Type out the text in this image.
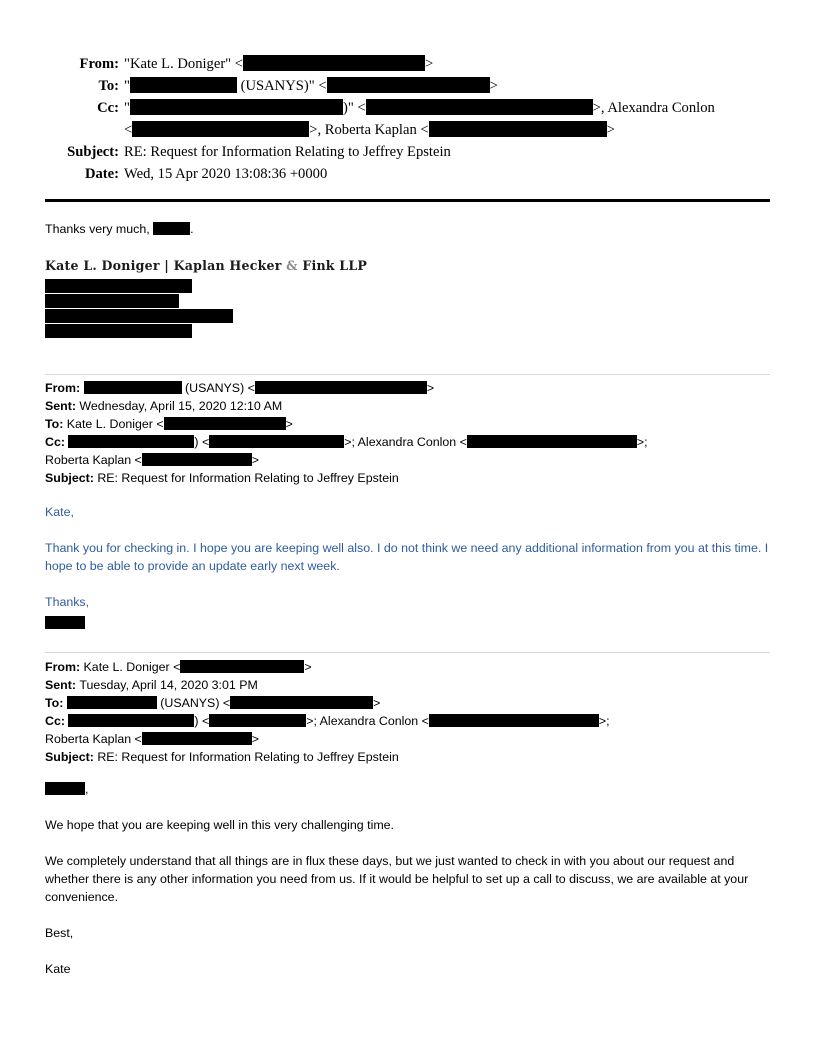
From: "Kate L. Doniger" <	>
To: "	(USANYS)" <	>
Cc: "	)" <	>, Alexandra Conlon
<	>, Roberta Kaplan <	>
Subject: RE: Request for Information Relating to Jeffrey Epstein
Date: Wed, 15 Apr 2020 13:08:36 +0000
Thanks very much,	.
Kate L. Doniger | Kaplan Hecker & Fink LLP
From:	(USANYS) <	>
Sent: Wednesday, April 15, 2020 12:10 AM
To: Kate L. Doniger <	>
Cc:	) <	>; Alexandra Conlon <	>;
Roberta Kaplan <	>
Subject: RE: Request for Information Relating to Jeffrey Epstein
Kate,
Thank you for checking in. I hope you are keeping well also. I do not think we need any additional information from you at this time. I hope to be able to provide an update early next week.
Thanks,
From: Kate L. Doniger <	>
Sent: Tuesday, April 14, 2020 3:01 PM
To:	(USANYS) <	>
Cc:	) <	>; Alexandra Conlon <	>;
Roberta Kaplan <	>
Subject: RE: Request for Information Relating to Jeffrey Epstein
,
We hope that you are keeping well in this very challenging time.
We completely understand that all things are in flux these days, but we just wanted to check in with you about our request and whether there is any other information you need from us. If it would be helpful to set up a call to discuss, we are available at your convenience.
Best,
Kate
